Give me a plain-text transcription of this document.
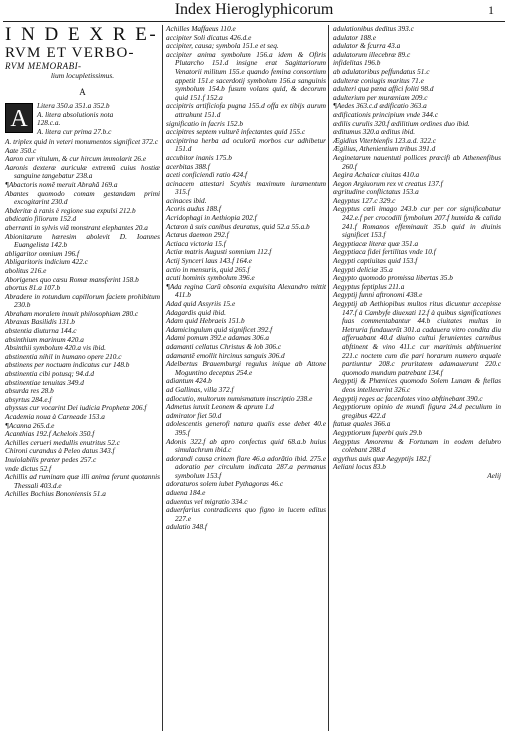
Index Hieroglyphicorum	1
I N D E X R E-
RVM ET VERBO-
RVM MEMORABI-
lium locupletissimus.
A
A

Litera 350.a 351.a 352.b

A. litera absolutionis nota

128.c.a.

A. litera cur prima 27.b.c

A. triplex quid in veteri monumentos significet 372.c

Aate 350.c

Aaron cur vitulum, & cur hircum immolarit 26.e

Aaronis dexteræ auriculæ extremū cuius hostiæ sanguine tangebatur 238.a

¶Abactoris nomē meruit Abrahā 169.a

Abantes quomodo comam gestandam primi excogitarint 230.d

Abderitæ à ranis è regione sua expulsi 212.b

abdicatio filiorum 152.d

aberranti in sylvis viā monstrant elephantes 20.a

Abionitarum hæresim abolevit D. Ioannes Euangelista 142.b

abligaritor omnium 196.f

Abligaritoris indicium 422.c

abolitus 216.e

Aborigenes quo cæsu Romæ mansferint 158.b

abortus 81.a 107.b

Abradere in rotundum capillorum faciem prohibitum 230.b

Abraham moralem innuit philosophiam 280.c

Abraxas Basilidis 131.b

abstentia diuturna 144.c

absinthium marinum 420.a

Absinthii symbolum 420.a vis ibid.

abstinentia nihil in humano opere 210.c

abstinens per noctuam indicatus cur 148.b

abstinentia cibi potusq; 94.d.d

abstinentiae tenuitas 349.d

absurda res 28.b

absyrtus 284.e.f

abyssus cur vocarint Dei iudicia Prophetæ 206.f

Academia noua à Carneade 153.a

¶Acanna 265.d.e

Acanthias 192.f Achelois 350.f

Achilles cerueri medullis enutritus 52.c

Chironi curandus à Peleo datus 343.f

Inuiolabilis præter pedes 257.c

vnde dictus 52.f

Achillis ad ruminam quæ illi anima ferunt quotannis Thessali 403.d.e

Achilles Bochius Bononiensis 51.a

Achilles Maffaeus 110.e

accipiter Soli dicatus 426.d.e

accipiter, causa; symbola 151.e et seq.

accipiter anima symbolum 156.a idem & Ofiris Plutarcho 151.d insigne erat Sagittariorum Venatorii militum 155.e quando femina consortium appetit 151.e sacerdotij symbolum 156.a sanguinis symbolum 154.b fusum volans quid, & decorum quid 151.f 152.a

accipitris artificiofa pugna 155.d offa ex tibijs aurum attrahunt 151.d

significatio in facris 152.b

accipitres septem vulturē infectantes quid 155.c

accipitrina herba ad oculorū morbos cur adhibetur 151.d

accubitor inanis 175.b

acerbitas 388.f

aceti conficiendi ratio 424.f

acinacem attestari Scythis maximum iuramentum 315.f

acinaces ibid.

Acoris audus 188.f

Acridophagi in Aethiopia 202.f

Actæon à suis canibus deuratus, quid 52.a 55.a.b

Actæus daemon 292.f

Actiaca victoria 15.f

Actiæ matris Augusti somnium 112.f

Actij Synceri laus 143.f 164.e

actio in mensuris, quid 265.f

acuti hominis symbolum 396.e

¶Ada regina Carū obsonia exquisita Alexandro mittit 411.b

Adad quid Assyriis 15.e

Adagardis quid ibid.

Adam quid Hebraeis 151.b

Adamicingulum quid significet 392.f

Adami pomum 392.e adamas 306.a

adamanti cellatus Christus & lob 306.c

adamantē emollit hircinus sanguis 306.d

Adelbertus Brauemburgi regulus inique ab Attone Moguntino deceptus 254.e

adiantum 424.b

ad Gallinas, villa 372.f

adlocutio, multorum numismatum inscriptio 238.e

Admetus iunxit Leonem & aprum 1.d

admirator fiet 50.d

adolescentis generofi natura qualis esse debet 40.e 395.f

Adonis 322.f ab apro confectus quid 68.a.b huius simulachrum ibid.c

adorandi causa crinem flare 46.a adorātio ibid. 275.e adoratio per circulum indicata 287.a permanus symbolum 153.f

adoraturos solem iubet Pythagoras 46.c

aduena 184.e

aduentus vel migratio 334.c

aduerfarius contradicens quo figno in lucem editus 227.e

adulatio 348.f

adulationibus deditus 393.c

adulator 188.e

adulator & fcurra 43.a

adulatorum illecebræ 89.c

infidelitas 196.b

ab adulatoribus peffundatus 51.c

adulteræ coniugis maritus 71.e

adulteri qua pæna affici foliti 98.d

adulterium per muræniam 209.c

¶Aedes 363.c.d ædificatio 363.a

ædificationis principium vnde 344.c

ædilis curulis 320.f ædilitium ordines duo ibid.

æditumus 320.a æditus ibid.

Ægidius Viterbienfis 123.a.d. 322.c

Ægilius, Athenientium tribus 391.d

Aeginetarum nauentuti pollices præcifi ab Athenenfibus 260.f

Aegira Achaicæ ciuitas 410.a

Aegon Argiuorum rex vt creatus 137.f

ægritudine conflictatus 153.a

Aegyptus 127.c 329.c

Aegyptus cœli imago 243.b cur per cor significabatur 242.e.f per crocodili fymbolum 207.f humida & calida 241.f Romanos effeminauit 35.b quid in diuinis significet 153.f

Aegyptiacæ literæ quæ 351.a

Aegyptiaca fidei fertilitas vnde 10.f

Aegypti captiuitas quid 153.f

Aegypti deliciæ 35.a

Aegypto quomodo promissa libertas 35.b

Aegyptus feptiplus 211.a

Aegyptij funni aftronomi 438.e

Aegyptij ab Aethiopibus multos ritus dicuntur accepisse 147.f à Cambyfe diuexati 12.f à quibus significationes fuas commentabantur 44.b ciuitates multas in Hetruria fundauerūt 301.a cadauera vitro condita diu afferuabant 40.d diuino cultui ferunientes carnibus abftinent & vino 411.c cur maritimis abftinuerint 221.c noctem cum die pari horarum numero æquale partiuntur 208.c pruritatem adamauerunt 220.c quomodo mundum patrebant 134.f

Aegyptij & Phœnices quomodo Solem Lunam & ftellas deos intellexerint 326.c

Aegyptij reges ac facerdotes vino abftinebant 390.c

Aegyptiorum opinio de mundi figura 24.d peculium in gregibus 422.d

ftatuæ quales 366.a

Aegyptiorum fuperbi quis 29.b

Aegyptus Amoremu & Fortunam in eodem delubro colebant 288.d

ægythus auis quæ Aegyptijs 182.f

Aeliani locus 83.b

Aelij
